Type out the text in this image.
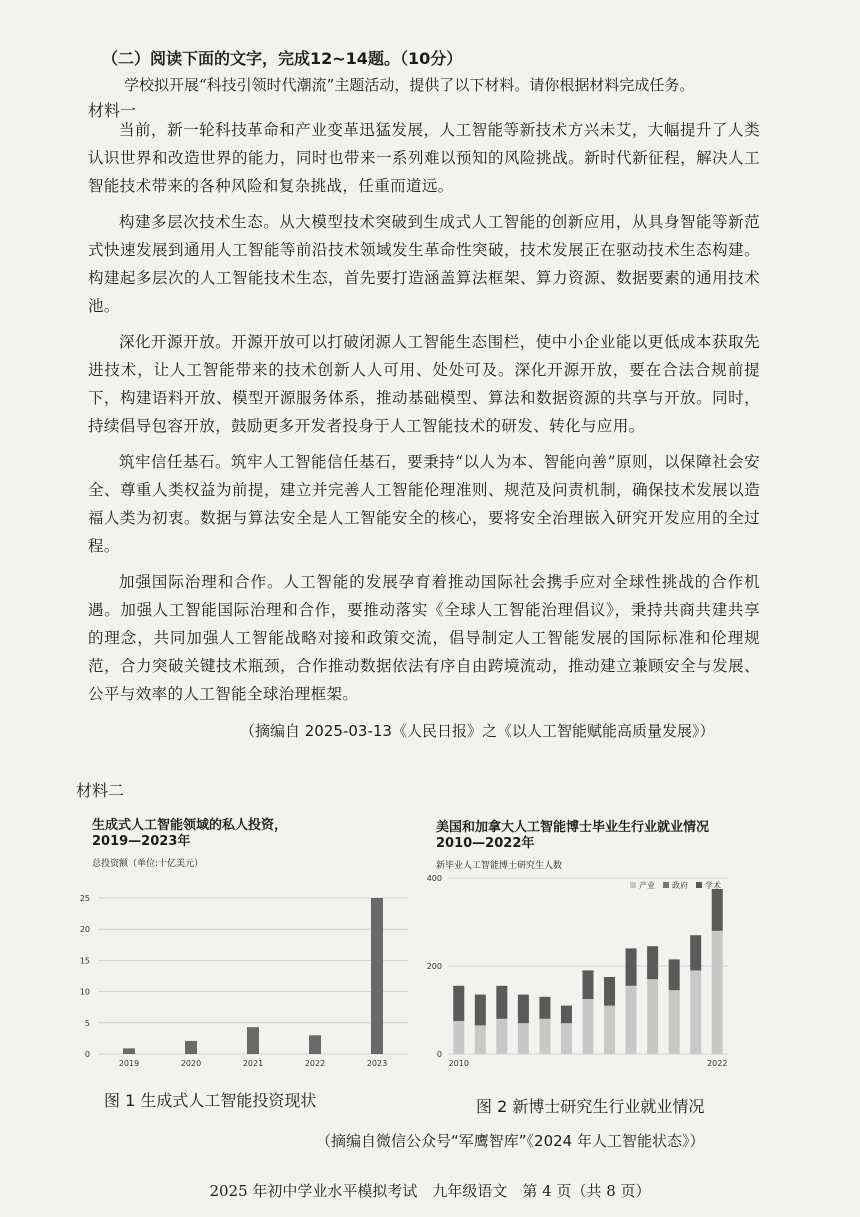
（二）阅读下面的文字，完成12~14题。（10分）
学校拟开展“科技引领时代潮流”主题活动，提供了以下材料。请你根据材料完成任务。
材料一

当前，新一轮科技革命和产业变革迅猛发展，人工智能等新技术方兴未艾，大幅提升了人类认识世界和改造世界的能力，同时也带来一系列难以预知的风险挑战。新时代新征程，解决人工智能技术带来的各种风险和复杂挑战，任重而道远。

构建多层次技术生态。从大模型技术突破到生成式人工智能的创新应用，从具身智能等新范式快速发展到通用人工智能等前沿技术领域发生革命性突破，技术发展正在驱动技术生态构建。构建起多层次的人工智能技术生态，首先要打造涵盖算法框架、算力资源、数据要素的通用技术池。

深化开源开放。开源开放可以打破闭源人工智能生态围栏，使中小企业能以更低成本获取先进技术，让人工智能带来的技术创新人人可用、处处可及。深化开源开放，要在合法合规前提下，构建语料开放、模型开源服务体系，推动基础模型、算法和数据资源的共享与开放。同时，持续倡导包容开放，鼓励更多开发者投身于人工智能技术的研发、转化与应用。

筑牢信任基石。筑牢人工智能信任基石，要秉持“以人为本、智能向善”原则，以保障社会安全、尊重人类权益为前提，建立并完善人工智能伦理准则、规范及问责机制，确保技术发展以造福人类为初衷。数据与算法安全是人工智能安全的核心，要将安全治理嵌入研究开发应用的全过程。

加强国际治理和合作。人工智能的发展孕育着推动国际社会携手应对全球性挑战的合作机遇。加强人工智能国际治理和合作，要推动落实《全球人工智能治理倡议》，秉持共商共建共享的理念，共同加强人工智能战略对接和政策交流，倡导制定人工智能发展的国际标准和伦理规范，合力突破关键技术瓶颈，合作推动数据依法有序自由跨境流动，推动建立兼顾安全与发展、公平与效率的人工智能全球治理框架。

（摘编自 2025-03-13《人民日报》之《以人工智能赋能高质量发展》）
材料二
生成式人工智能领域的私人投资，
2019—2023年
总投资额（单位:十亿美元）
0
5
10
15
20
25
2019	2020	2021	2022	2023
美国和加拿大人工智能博士毕业生行业就业情况
2010—2022年
新毕业人工智能博士研究生人数
0
200
400
2010	2022
产业 政府 学术
图 1 生成式人工智能投资现状	图 2 新博士研究生行业就业情况
（摘编自微信公众号“军鹰智库”《2024 年人工智能状态》）
2025 年初中学业水平模拟考试　九年级语文　第 4 页（共 8 页）
